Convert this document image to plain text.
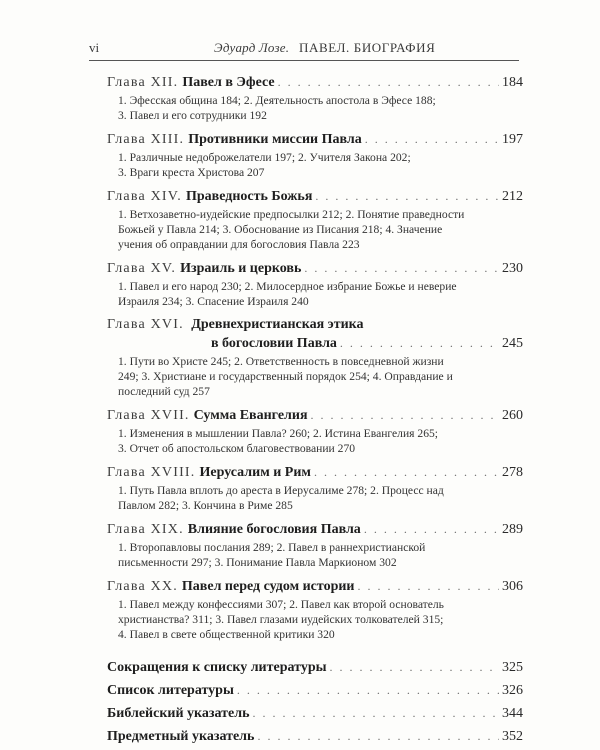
vi	Эдуард Лозе. ПАВЕЛ. БИОГРАФИЯ
Глава XII. Павел в Эфесе . . .	184
1. Эфесская община 184; 2. Деятельность апостола в Эфесе 188;
3. Павел и его сотрудники 192
Глава XIII. Противники миссии Павла . . .	197
1. Различные недоброжелатели 197; 2. Учителя Закона 202;
3. Враги креста Христова 207
Глава XIV. Праведность Божья . . .	212
1. Ветхозаветно-иудейские предпосылки 212; 2. Понятие праведности
Божьей у Павла 214; 3. Обоснование из Писания 218; 4. Значение
учения об оправдании для богословия Павла 223
Глава XV. Израиль и церковь . . .	230
1. Павел и его народ 230; 2. Милосердное избрание Божье и неверие
Израиля 234; 3. Спасение Израиля 240
Глава XVI. Древнехристианская этика
в богословии Павла . . .	245
1. Пути во Христе 245; 2. Ответственность в повседневной жизни
249; 3. Христиане и государственный порядок 254; 4. Оправдание и
последний суд 257
Глава XVII. Сумма Евангелия . . .	260
1. Изменения в мышлении Павла? 260; 2. Истина Евангелия 265;
3. Отчет об апостольском благовествовании 270
Глава XVIII. Иерусалим и Рим . . .	278
1. Путь Павла вплоть до ареста в Иерусалиме 278; 2. Процесс над
Павлом 282; 3. Кончина в Риме 285
Глава XIX. Влияние богословия Павла . . .	289
1. Второпавловы послания 289; 2. Павел в раннехристианской
письменности 297; 3. Понимание Павла Маркионом 302
Глава XX. Павел перед судом истории . . .	306
1. Павел между конфессиями 307; 2. Павел как второй основатель
христианства? 311; 3. Павел глазами иудейских толкователей 315;
4. Павел в свете общественной критики 320
Сокращения к списку литературы . . .	325
Список литературы . . .	326
Библейский указатель . . .	344
Предметный указатель . . .	352
